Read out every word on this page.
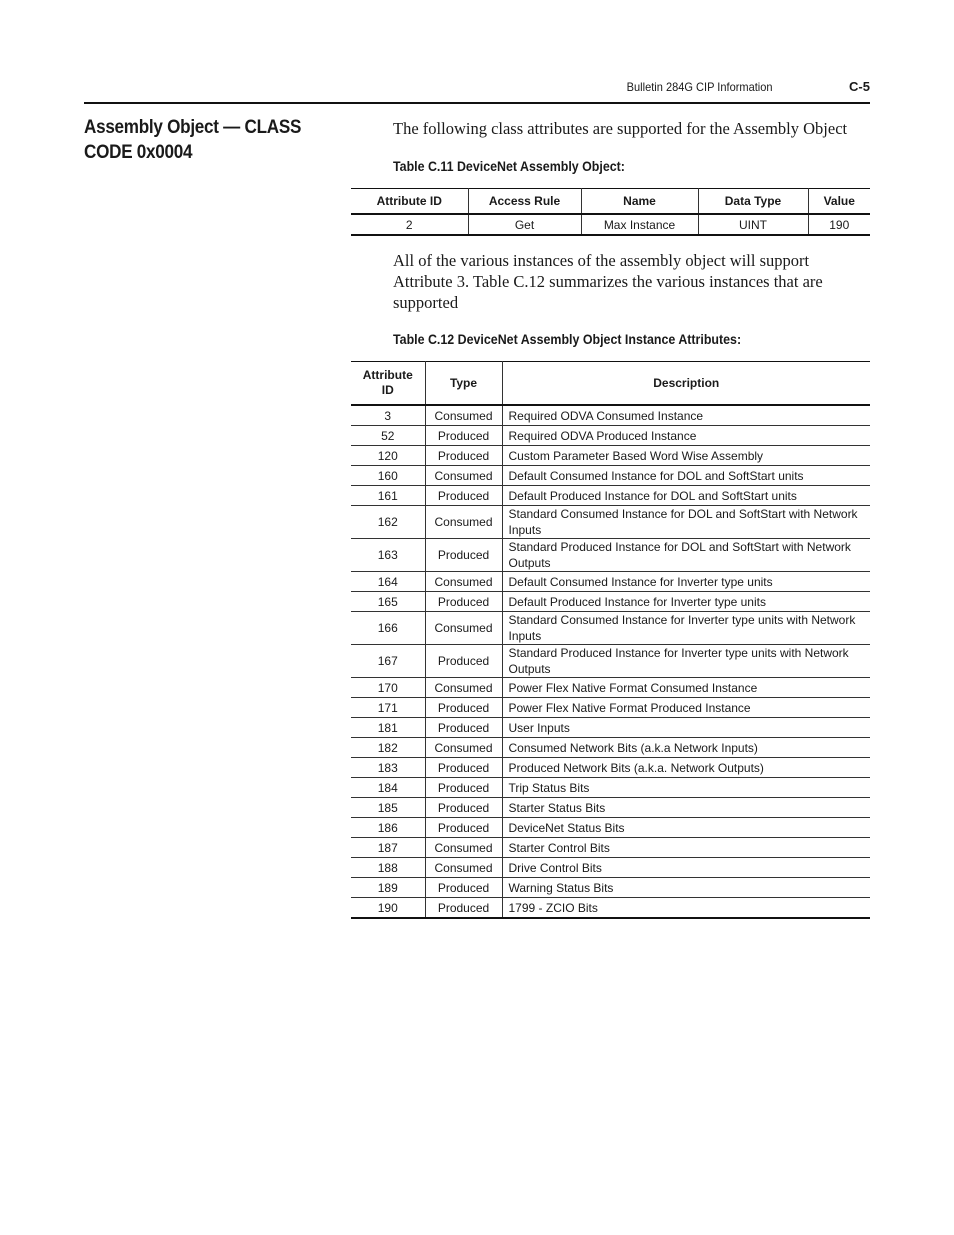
Bulletin 284G CIP Information	C-5
Assembly Object — CLASS CODE 0x0004
The following class attributes are supported for the Assembly Object
Table C.11 DeviceNet Assembly Object:
Attribute ID	Access Rule	Name	Data Type	Value
2	Get	Max Instance	UINT	190
All of the various instances of the assembly object will support Attribute 3. Table C.12 summarizes the various instances that are supported
Table C.12 DeviceNet Assembly Object Instance Attributes:
Attribute ID	Type	Description
3	Consumed	Required ODVA Consumed Instance
52	Produced	Required ODVA Produced Instance
120	Produced	Custom Parameter Based Word Wise Assembly
160	Consumed	Default Consumed Instance for DOL and SoftStart units
161	Produced	Default Produced Instance for DOL and SoftStart units
162	Consumed	Standard Consumed Instance for DOL and SoftStart with Network Inputs
163	Produced	Standard Produced Instance for DOL and SoftStart with Network Outputs
164	Consumed	Default Consumed Instance for Inverter type units
165	Produced	Default Produced Instance for Inverter type units
166	Consumed	Standard Consumed Instance for Inverter type units with Network Inputs
167	Produced	Standard Produced Instance for Inverter type units with Network Outputs
170	Consumed	Power Flex Native Format Consumed Instance
171	Produced	Power Flex Native Format Produced Instance
181	Produced	User Inputs
182	Consumed	Consumed Network Bits (a.k.a Network Inputs)
183	Produced	Produced Network Bits (a.k.a. Network Outputs)
184	Produced	Trip Status Bits
185	Produced	Starter Status Bits
186	Produced	DeviceNet Status Bits
187	Consumed	Starter Control Bits
188	Consumed	Drive Control Bits
189	Produced	Warning Status Bits
190	Produced	1799 - ZCIO Bits
